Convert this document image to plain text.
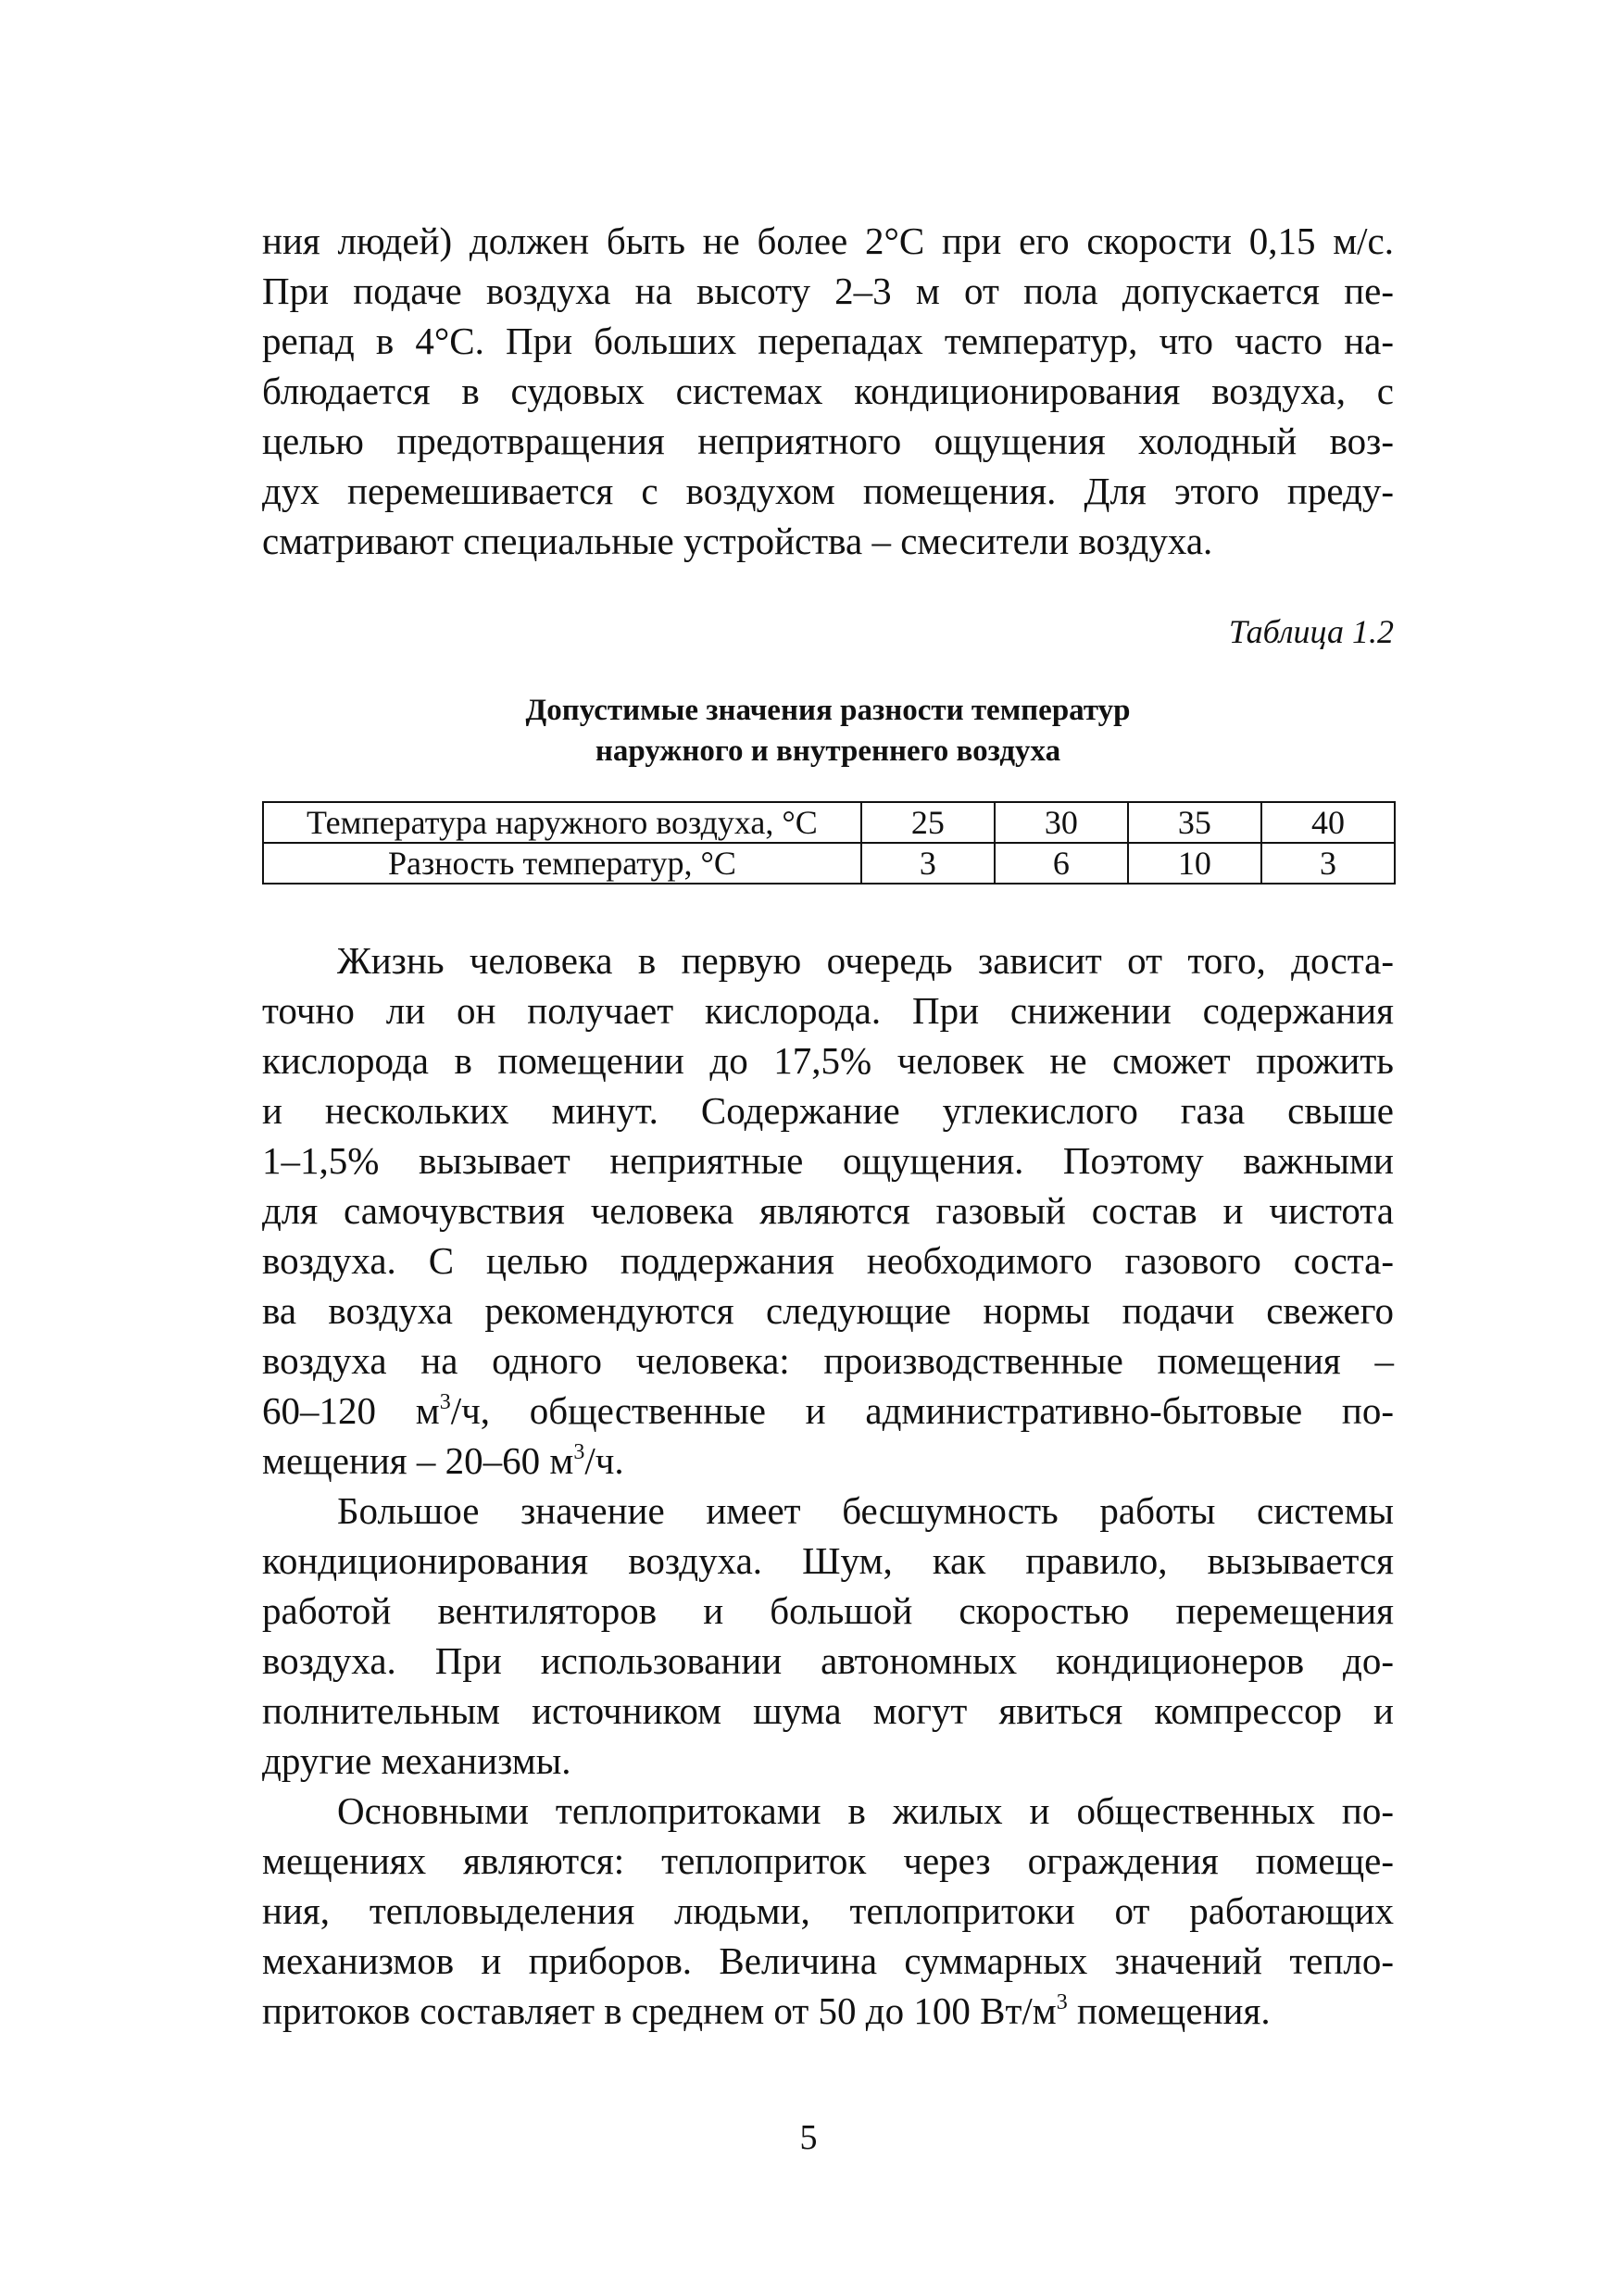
ния людей) должен быть не более 2°C при его скорости 0,15 м/с.
При подаче воздуха на высоту 2–3 м от пола допускается пе-
репад в 4°C. При больших перепадах температур, что часто на-
блюдается в судовых системах кондиционирования воздуха, с
целью предотвращения неприятного ощущения холодный воз-
дух перемешивается с воздухом помещения. Для этого преду-
сматривают специальные устройства – смесители воздуха.
Таблица 1.2
Допустимые значения разности температур
наружного и внутреннего воздуха
Температура наружного воздуха, °С	25	30	35	40
Разность температур, °С	3	6	10	3
Жизнь человека в первую очередь зависит от того, доста-
точно ли он получает кислорода. При снижении содержания
кислорода в помещении до 17,5% человек не сможет прожить
и нескольких минут. Содержание углекислого газа свыше
1–1,5% вызывает неприятные ощущения. Поэтому важными
для самочувствия человека являются газовый состав и чистота
воздуха. С целью поддержания необходимого газового соста-
ва воздуха рекомендуются следующие нормы подачи свежего
воздуха на одного человека: производственные помещения –
60–120 $м^3/ч$, общественные и административно-бытовые по-
мещения – 20–60 $м^3/ч$.
Большое значение имеет бесшумность работы системы
кондиционирования воздуха. Шум, как правило, вызывается
работой вентиляторов и большой скоростью перемещения
воздуха. При использовании автономных кондиционеров до-
полнительным источником шума могут явиться компрессор и
другие механизмы.
Основными теплопритоками в жилых и общественных по-
мещениях являются: теплоприток через ограждения помеще-
ния, тепловыделения людьми, теплопритоки от работающих
механизмов и приборов. Величина суммарных значений тепло-
притоков составляет в среднем от 50 до 100 $Вт/м^3$ помещения.
5
